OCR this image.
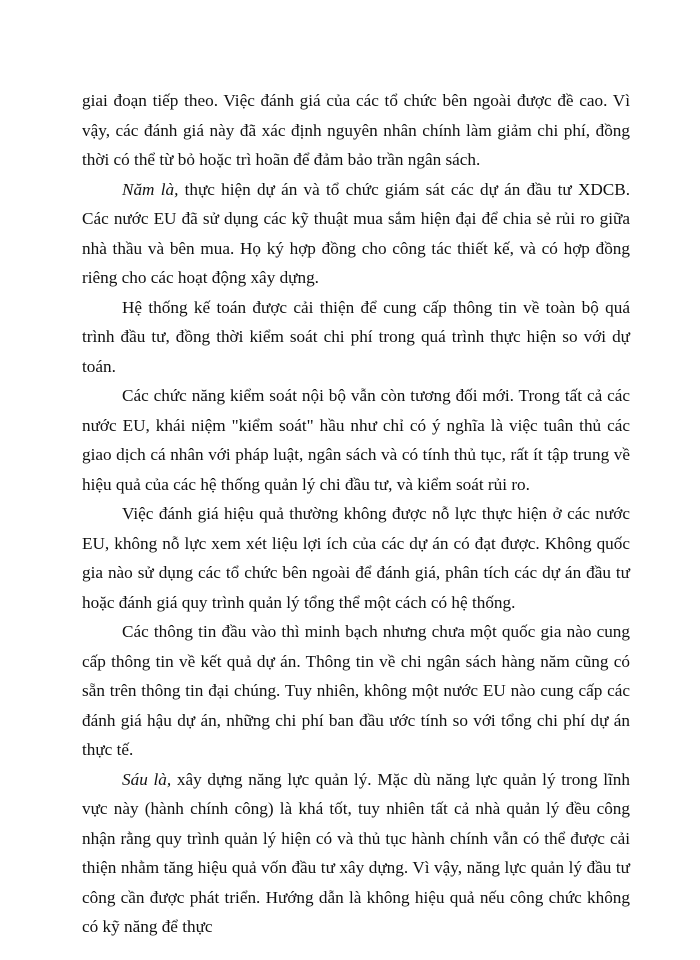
giai đoạn tiếp theo. Việc đánh giá của các tổ chức bên ngoài được đề cao. Vì vậy, các đánh giá này đã xác định nguyên nhân chính làm giảm chi phí, đồng thời có thể từ bỏ hoặc trì hoãn để đảm bảo trần ngân sách.

Năm là, thực hiện dự án và tổ chức giám sát các dự án đầu tư XDCB. Các nước EU đã sử dụng các kỹ thuật mua sắm hiện đại để chia sẻ rủi ro giữa nhà thầu và bên mua. Họ ký hợp đồng cho công tác thiết kế, và có hợp đồng riêng cho các hoạt động xây dựng.

Hệ thống kế toán được cải thiện để cung cấp thông tin về toàn bộ quá trình đầu tư, đồng thời kiểm soát chi phí trong quá trình thực hiện so với dự toán.

Các chức năng kiểm soát nội bộ vẫn còn tương đối mới. Trong tất cả các nước EU, khái niệm "kiểm soát" hầu như chỉ có ý nghĩa là việc tuân thủ các giao dịch cá nhân với pháp luật, ngân sách và có tính thủ tục, rất ít tập trung về hiệu quả của các hệ thống quản lý chi đầu tư, và kiểm soát rủi ro.

Việc đánh giá hiệu quả thường không được nỗ lực thực hiện ở các nước EU, không nỗ lực xem xét liệu lợi ích của các dự án có đạt được. Không quốc gia nào sử dụng các tổ chức bên ngoài để đánh giá, phân tích các dự án đầu tư hoặc đánh giá quy trình quản lý tổng thể một cách có hệ thống.

Các thông tin đầu vào thì minh bạch nhưng chưa một quốc gia nào cung cấp thông tin về kết quả dự án. Thông tin về chi ngân sách hàng năm cũng có sẵn trên thông tin đại chúng. Tuy nhiên, không một nước EU nào cung cấp các đánh giá hậu dự án, những chi phí ban đầu ước tính so với tổng chi phí dự án thực tế.

Sáu là, xây dựng năng lực quản lý. Mặc dù năng lực quản lý trong lĩnh vực này (hành chính công) là khá tốt, tuy nhiên tất cả nhà quản lý đều công nhận rằng quy trình quản lý hiện có và thủ tục hành chính vẫn có thể được cải thiện nhằm tăng hiệu quả vốn đầu tư xây dựng. Vì vậy, năng lực quản lý đầu tư công cần được phát triển. Hướng dẫn là không hiệu quả nếu công chức không có kỹ năng để thực
